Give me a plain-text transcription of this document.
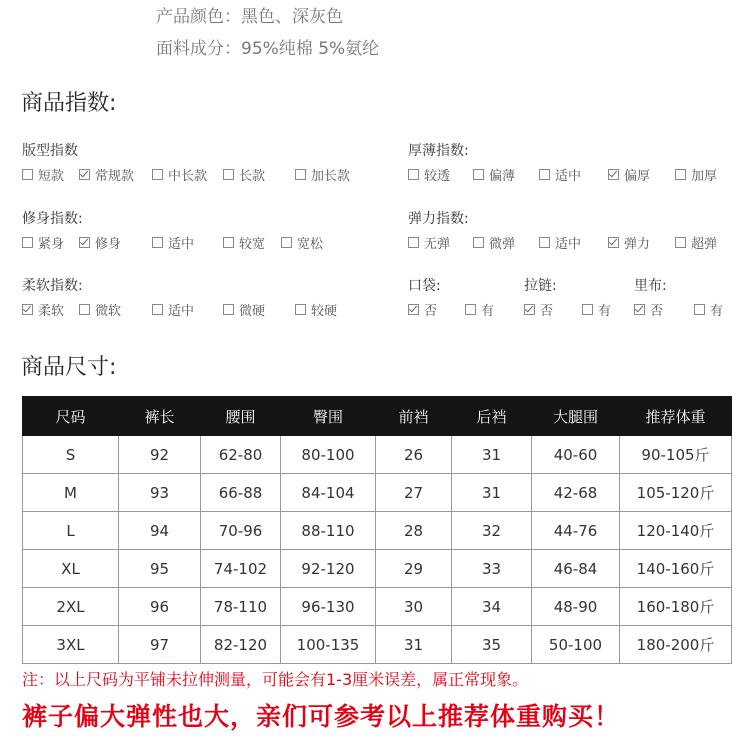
产品颜色：黑色、深灰色
面料成分：95%纯棉 5%氨纶
商品指数:
版型指数
短款 常规款	中长款 长款	加长款
厚薄指数:
较透	偏薄	适中	偏厚	加厚
修身指数:
紧身 修身	适中	较宽 宽松
弹力指数:
无弹	微弹	适中	弹力	超弹
柔软指数:
柔软 微软	适中	微硬	较硬
口袋:
否	有
拉链:
否	有
里布:
否	有
商品尺寸:
尺码	裤长	腰围	臀围	前裆	后裆	大腿围	推荐体重
S	92	62-80	80-100	26	31	40-60	90-105斤
M	93	66-88	84-104	27	31	42-68	105-120斤
L	94	70-96	88-110	28	32	44-76	120-140斤
XL	95	74-102	92-120	29	33	46-84	140-160斤
2XL	96	78-110	96-130	30	34	48-90	160-180斤
3XL	97	82-120	100-135	31	35	50-100	180-200斤
注：以上尺码为平铺未拉伸测量，可能会有1-3厘米误差，属正常现象。
裤子偏大弹性也大，亲们可参考以上推荐体重购买！
